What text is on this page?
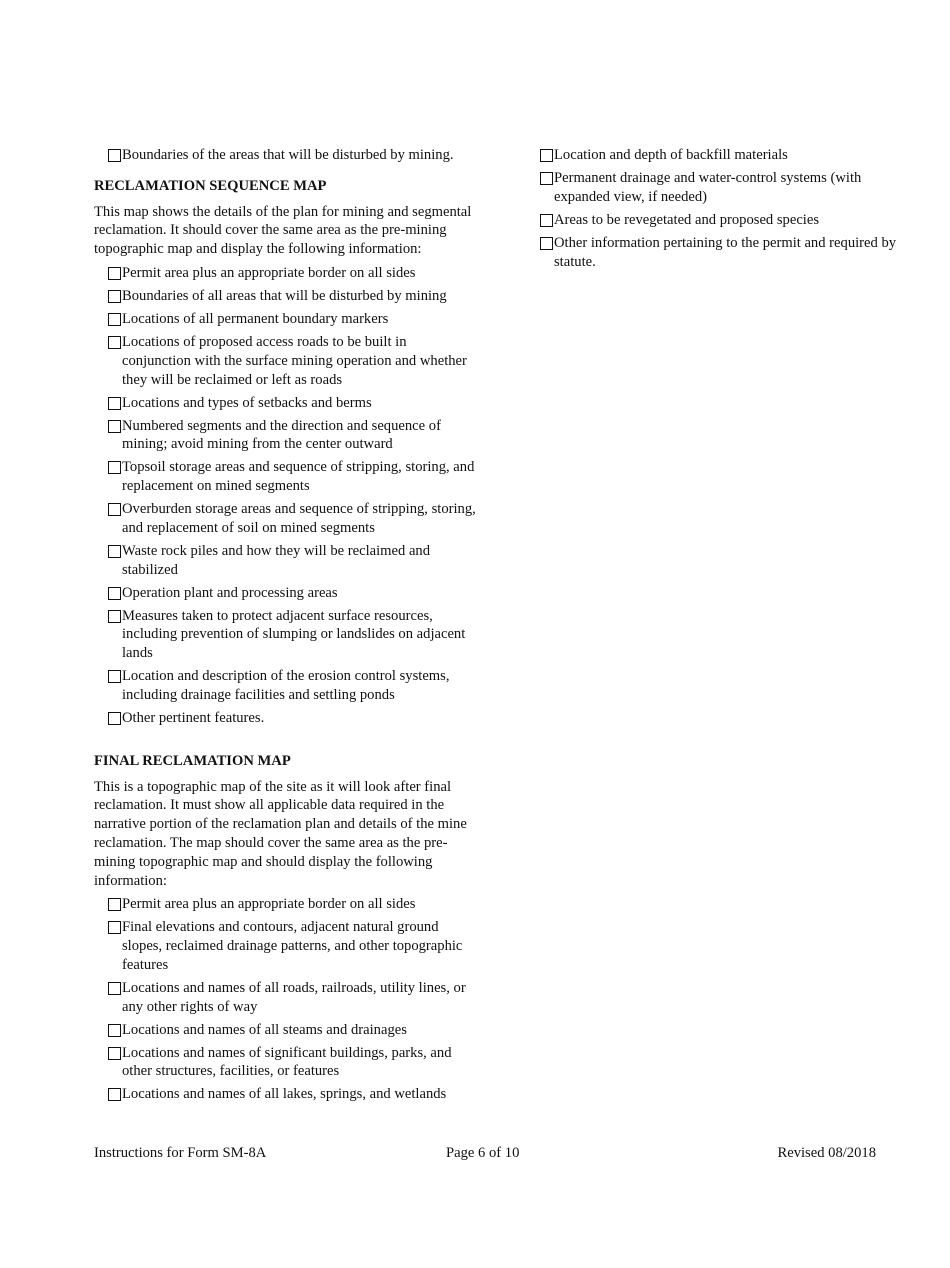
Boundaries of the areas that will be disturbed by mining.
RECLAMATION SEQUENCE MAP

This map shows the details of the plan for mining and segmental reclamation. It should cover the same area as the pre-mining topographic map and display the following information:

Permit area plus an appropriate border on all sides
Boundaries of all areas that will be disturbed by mining
Locations of all permanent boundary markers
Locations of proposed access roads to be built in conjunction with the surface mining operation and whether they will be reclaimed or left as roads
Locations and types of setbacks and berms
Numbered segments and the direction and sequence of mining; avoid mining from the center outward
Topsoil storage areas and sequence of stripping, storing, and replacement on mined segments
Overburden storage areas and sequence of stripping, storing, and replacement of soil on mined segments
Waste rock piles and how they will be reclaimed and stabilized
Operation plant and processing areas
Measures taken to protect adjacent surface resources, including prevention of slumping or landslides on adjacent lands
Location and description of the erosion control systems, including drainage facilities and settling ponds
Other pertinent features.
FINAL RECLAMATION MAP

This is a topographic map of the site as it will look after final reclamation. It must show all applicable data required in the narrative portion of the reclamation plan and details of the mine reclamation. The map should cover the same area as the pre-mining topographic map and should display the following information:

Permit area plus an appropriate border on all sides
Final elevations and contours, adjacent natural ground slopes, reclaimed drainage patterns, and other topographic features
Locations and names of all roads, railroads, utility lines, or any other rights of way
Locations and names of all steams and drainages
Locations and names of significant buildings, parks, and other structures, facilities, or features
Locations and names of all lakes, springs, and wetlands
Location and depth of backfill materials
Permanent drainage and water-control systems (with expanded view, if needed)
Areas to be revegetated and proposed species
Other information pertaining to the permit and required by statute.
Instructions for Form SM-8A	Page 6 of 10	Revised 08/2018
